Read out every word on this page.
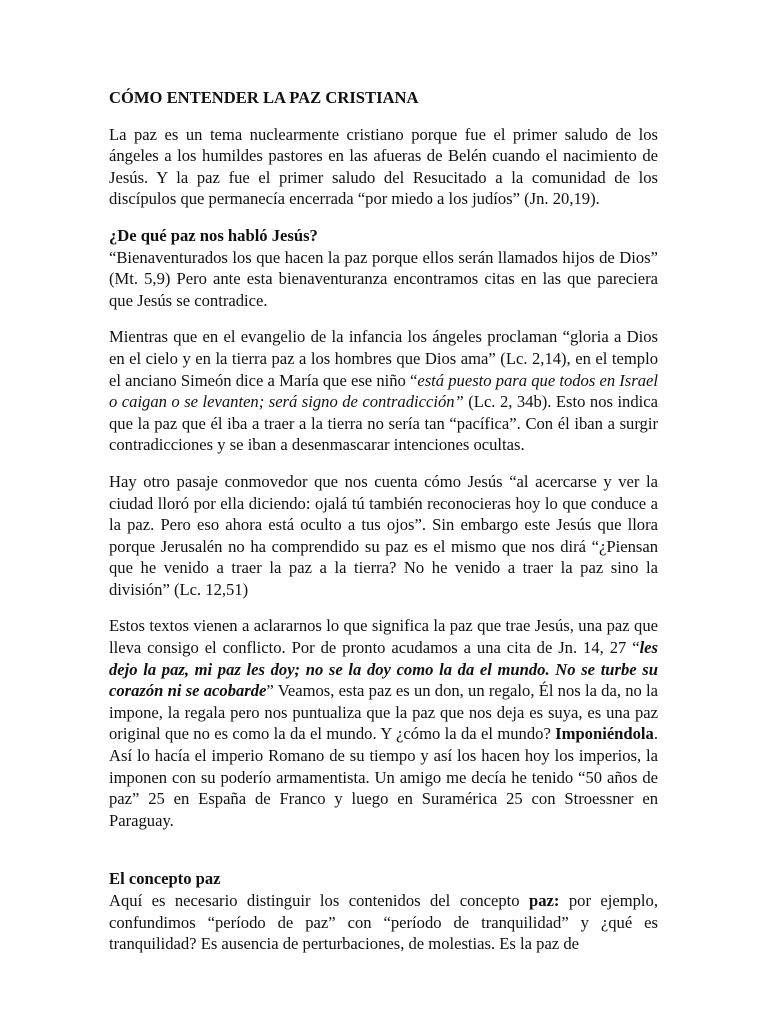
CÓMO ENTENDER LA PAZ CRISTIANA

La paz es un tema nuclearmente cristiano porque fue el primer saludo de los ángeles a los humildes pastores en las afueras de Belén cuando el nacimiento de Jesús. Y la paz fue el primer saludo del Resucitado a la comunidad de los discípulos que permanecía encerrada “por miedo a los judíos” (Jn. 20,19).

¿De qué paz nos habló Jesús?
“Bienaventurados los que hacen la paz porque ellos serán llamados hijos de Dios” (Mt. 5,9) Pero ante esta bienaventuranza encontramos citas en las que pareciera que Jesús se contradice.

Mientras que en el evangelio de la infancia los ángeles proclaman “gloria a Dios en el cielo y en la tierra paz a los hombres que Dios ama” (Lc. 2,14), en el templo el anciano Simeón dice a María que ese niño “está puesto para que todos en Israel o caigan o se levanten; será signo de contradicción” (Lc. 2, 34b). Esto nos indica que la paz que él iba a traer a la tierra no sería tan “pacífica”. Con él iban a surgir contradicciones y se iban a desenmascarar intenciones ocultas.

Hay otro pasaje conmovedor que nos cuenta cómo Jesús “al acercarse y ver la ciudad lloró por ella diciendo: ojalá tú también reconocieras hoy lo que conduce a la paz. Pero eso ahora está oculto a tus ojos”. Sin embargo este Jesús que llora porque Jerusalén no ha comprendido su paz es el mismo que nos dirá “¿Piensan que he venido a traer la paz a la tierra? No he venido a traer la paz sino la división” (Lc. 12,51)

Estos textos vienen a aclararnos lo que significa la paz que trae Jesús, una paz que lleva consigo el conflicto. Por de pronto acudamos a una cita de Jn. 14, 27 “les dejo la paz, mi paz les doy; no se la doy como la da el mundo. No se turbe su corazón ni se acobarde” Veamos, esta paz es un don, un regalo, Él nos la da, no la impone, la regala pero nos puntualiza que la paz que nos deja es suya, es una paz original que no es como la da el mundo. Y ¿cómo la da el mundo? Imponiéndola. Así lo hacía el imperio Romano de su tiempo y así los hacen hoy los imperios, la imponen con su poderío armamentista. Un amigo me decía he tenido “50 años de paz” 25 en España de Franco y luego en Suramérica 25 con Stroessner en Paraguay.

El concepto paz
Aquí es necesario distinguir los contenidos del concepto paz: por ejemplo, confundimos “período de paz” con “período de tranquilidad” y ¿qué es tranquilidad? Es ausencia de perturbaciones, de molestias. Es la paz de
